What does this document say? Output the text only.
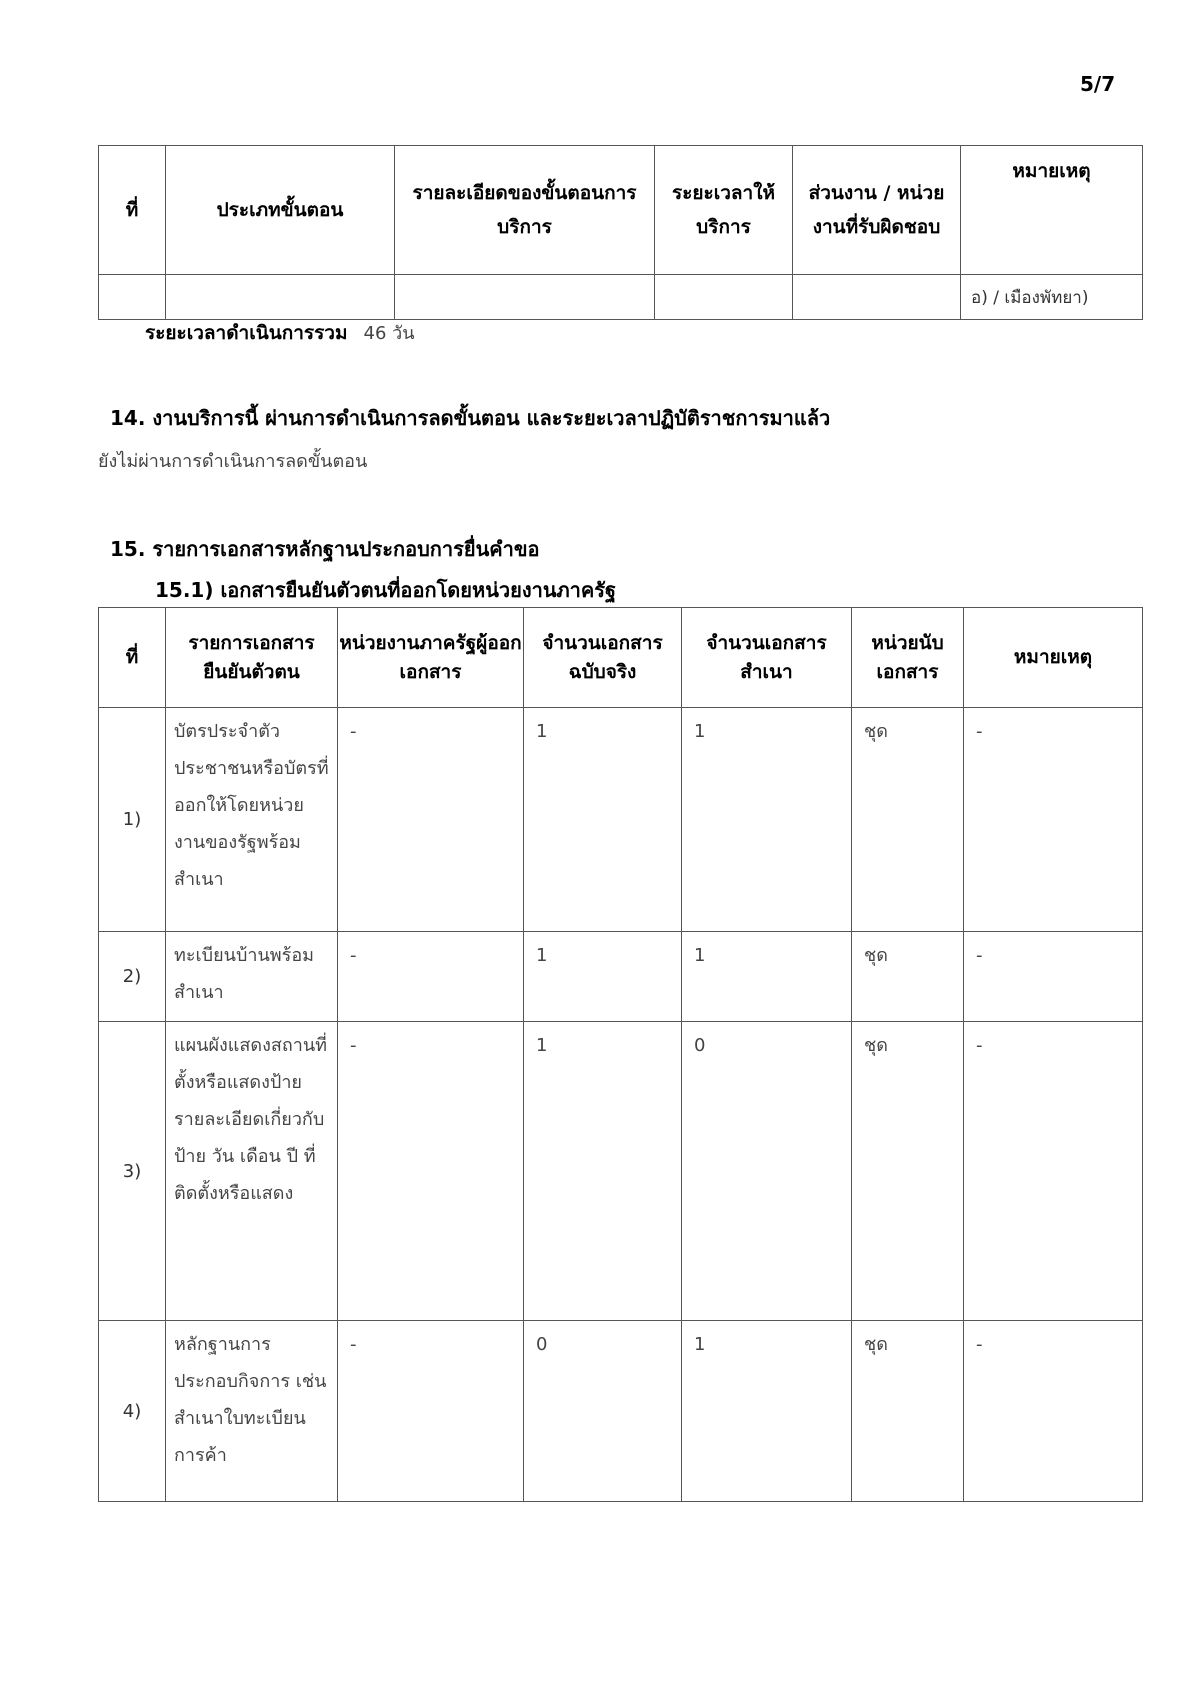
5/7
ที่	ประเภทขั้นตอน	รายละเอียดของขั้นตอนการบริการ	ระยะเวลาให้บริการ	ส่วนงาน / หน่วยงานที่รับผิดชอบ	หมายเหตุ
					อ) / เมืองพัทยา)
ระยะเวลาดำเนินการรวม 46 วัน
14. งานบริการนี้ ผ่านการดำเนินการลดขั้นตอน และระยะเวลาปฏิบัติราชการมาแล้ว
ยังไม่ผ่านการดำเนินการลดขั้นตอน
15. รายการเอกสารหลักฐานประกอบการยื่นคำขอ
15.1) เอกสารยืนยันตัวตนที่ออกโดยหน่วยงานภาครัฐ
ที่	รายการเอกสารยืนยันตัวตน	หน่วยงานภาครัฐผู้ออกเอกสาร	จำนวนเอกสารฉบับจริง	จำนวนเอกสารสำเนา	หน่วยนับเอกสาร	หมายเหตุ
1)	บัตรประจำตัวประชาชนหรือบัตรที่ออกให้โดยหน่วยงานของรัฐพร้อมสำเนา	-	1	1	ชุด	-
2)	ทะเบียนบ้านพร้อมสำเนา	-	1	1	ชุด	-
3)	แผนผังแสดงสถานที่ตั้งหรือแสดงป้าย รายละเอียดเกี่ยวกับป้าย วัน เดือน ปี ที่ติดตั้งหรือแสดง	-	1	0	ชุด	-
4)	หลักฐานการประกอบกิจการ เช่น สำเนาใบทะเบียนการค้า	-	0	1	ชุด	-
